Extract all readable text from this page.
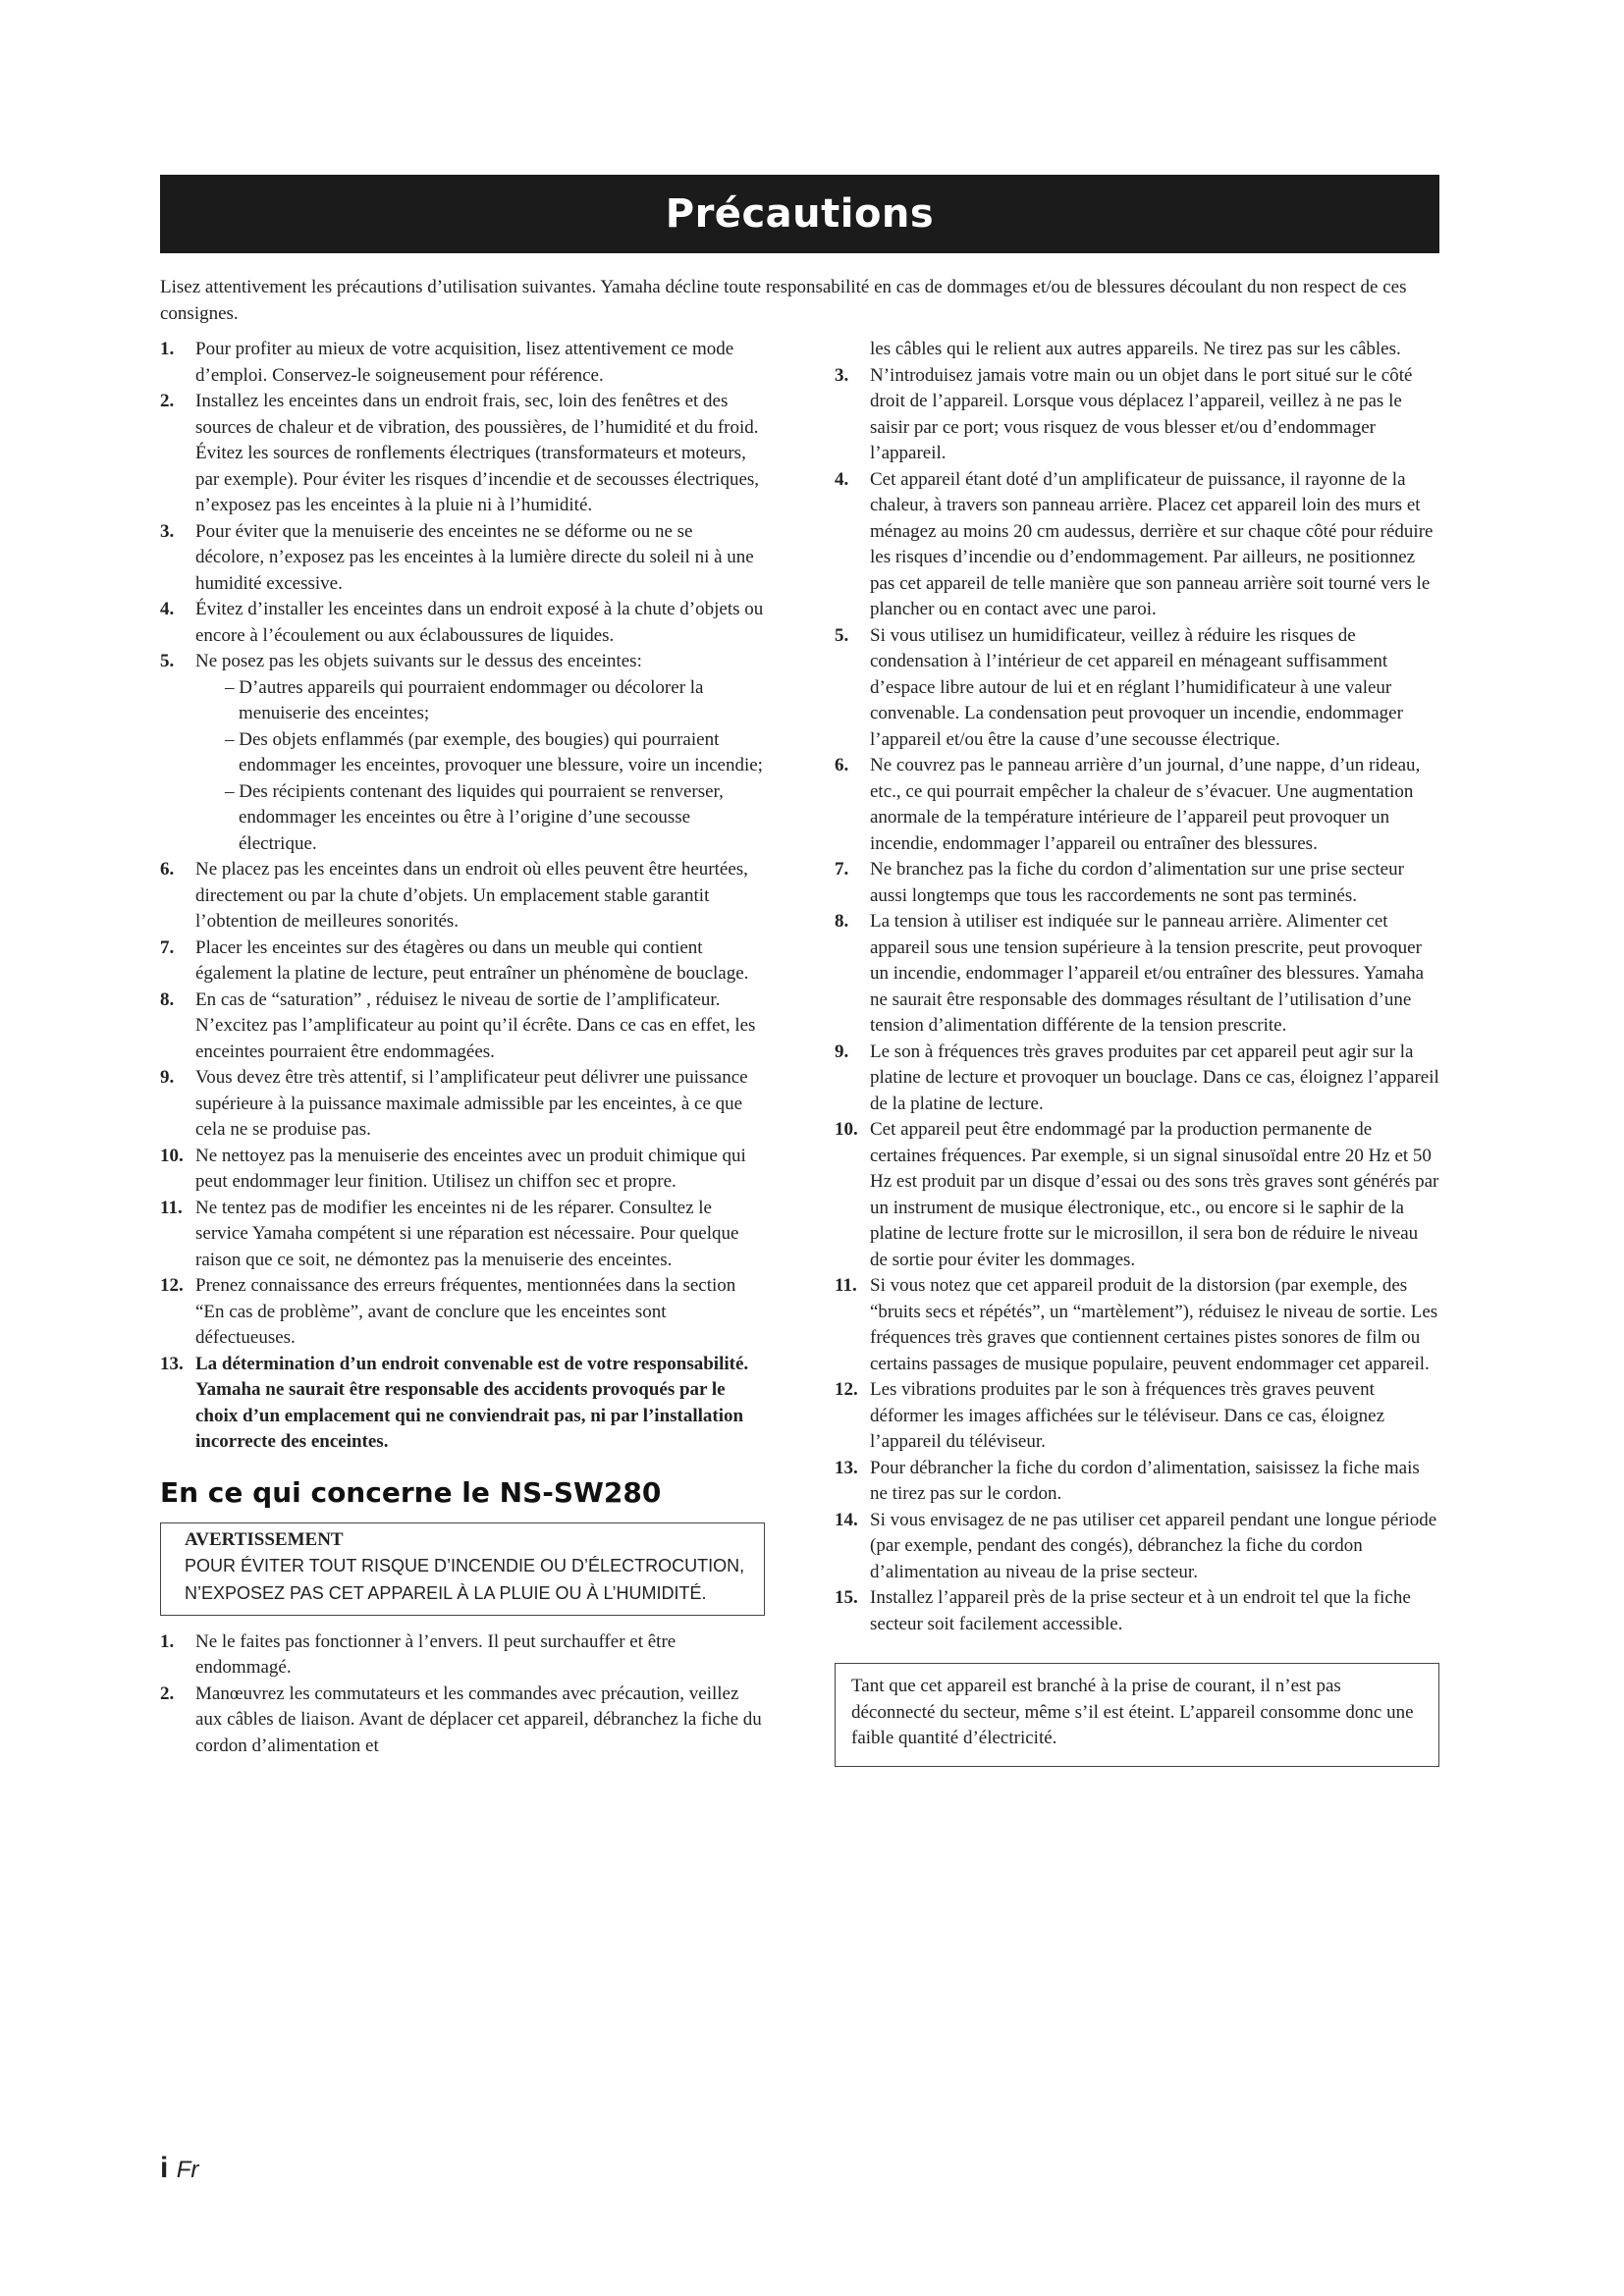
Précautions

Lisez attentivement les précautions d’utilisation suivantes. Yamaha décline toute responsabilité en cas de dommages et/ou de blessures découlant du non respect de ces consignes.

1. Pour profiter au mieux de votre acquisition, lisez attentivement ce mode d’emploi. Conservez-le soigneusement pour référence.
2. Installez les enceintes dans un endroit frais, sec, loin des fenêtres et des sources de chaleur et de vibration, des poussières, de l’humidité et du froid. Évitez les sources de ronflements électriques (transformateurs et moteurs, par exemple). Pour éviter les risques d’incendie et de secousses électriques, n’exposez pas les enceintes à la pluie ni à l’humidité.
3. Pour éviter que la menuiserie des enceintes ne se déforme ou ne se décolore, n’exposez pas les enceintes à la lumière directe du soleil ni à une humidité excessive.
4. Évitez d’installer les enceintes dans un endroit exposé à la chute d’objets ou encore à l’écoulement ou aux éclaboussures de liquides.
5. Ne posez pas les objets suivants sur le dessus des enceintes:
– D’autres appareils qui pourraient endommager ou décolorer la menuiserie des enceintes;
– Des objets enflammés (par exemple, des bougies) qui pourraient endommager les enceintes, provoquer une blessure, voire un incendie;
– Des récipients contenant des liquides qui pourraient se renverser, endommager les enceintes ou être à l’origine d’une secousse électrique.
6. Ne placez pas les enceintes dans un endroit où elles peuvent être heurtées, directement ou par la chute d’objets. Un emplacement stable garantit l’obtention de meilleures sonorités.
7. Placer les enceintes sur des étagères ou dans un meuble qui contient également la platine de lecture, peut entraîner un phénomène de bouclage.
8. En cas de “saturation” , réduisez le niveau de sortie de l’amplificateur. N’excitez pas l’amplificateur au point qu’il écrête. Dans ce cas en effet, les enceintes pourraient être endommagées.
9. Vous devez être très attentif, si l’amplificateur peut délivrer une puissance supérieure à la puissance maximale admissible par les enceintes, à ce que cela ne se produise pas.
10. Ne nettoyez pas la menuiserie des enceintes avec un produit chimique qui peut endommager leur finition. Utilisez un chiffon sec et propre.
11. Ne tentez pas de modifier les enceintes ni de les réparer. Consultez le service Yamaha compétent si une réparation est nécessaire. Pour quelque raison que ce soit, ne démontez pas la menuiserie des enceintes.
12. Prenez connaissance des erreurs fréquentes, mentionnées dans la section “En cas de problème”, avant de conclure que les enceintes sont défectueuses.
13. La détermination d’un endroit convenable est de votre responsabilité. Yamaha ne saurait être responsable des accidents provoqués par le choix d’un emplacement qui ne conviendrait pas, ni par l’installation incorrecte des enceintes.
En ce qui concerne le NS-SW280
AVERTISSEMENT
POUR ÉVITER TOUT RISQUE D’INCENDIE OU D’ÉLECTROCUTION, N’EXPOSEZ PAS CET APPAREIL À LA PLUIE OU À L’HUMIDITÉ.
1. Ne le faites pas fonctionner à l’envers. Il peut surchauffer et être endommagé.
2. Manœuvrez les commutateurs et les commandes avec précaution, veillez aux câbles de liaison. Avant de déplacer cet appareil, débranchez la fiche du cordon d’alimentation et
les câbles qui le relient aux autres appareils. Ne tirez pas sur les câbles.
3. N’introduisez jamais votre main ou un objet dans le port situé sur le côté droit de l’appareil. Lorsque vous déplacez l’appareil, veillez à ne pas le saisir par ce port; vous risquez de vous blesser et/ou d’endommager l’appareil.
4. Cet appareil étant doté d’un amplificateur de puissance, il rayonne de la chaleur, à travers son panneau arrière. Placez cet appareil loin des murs et ménagez au moins 20 cm audessus, derrière et sur chaque côté pour réduire les risques d’incendie ou d’endommagement. Par ailleurs, ne positionnez pas cet appareil de telle manière que son panneau arrière soit tourné vers le plancher ou en contact avec une paroi.
5. Si vous utilisez un humidificateur, veillez à réduire les risques de condensation à l’intérieur de cet appareil en ménageant suffisamment d’espace libre autour de lui et en réglant l’humidificateur à une valeur convenable. La condensation peut provoquer un incendie, endommager l’appareil et/ou être la cause d’une secousse électrique.
6. Ne couvrez pas le panneau arrière d’un journal, d’une nappe, d’un rideau, etc., ce qui pourrait empêcher la chaleur de s’évacuer. Une augmentation anormale de la température intérieure de l’appareil peut provoquer un incendie, endommager l’appareil ou entraîner des blessures.
7. Ne branchez pas la fiche du cordon d’alimentation sur une prise secteur aussi longtemps que tous les raccordements ne sont pas terminés.
8. La tension à utiliser est indiquée sur le panneau arrière. Alimenter cet appareil sous une tension supérieure à la tension prescrite, peut provoquer un incendie, endommager l’appareil et/ou entraîner des blessures. Yamaha ne saurait être responsable des dommages résultant de l’utilisation d’une tension d’alimentation différente de la tension prescrite.
9. Le son à fréquences très graves produites par cet appareil peut agir sur la platine de lecture et provoquer un bouclage. Dans ce cas, éloignez l’appareil de la platine de lecture.
10. Cet appareil peut être endommagé par la production permanente de certaines fréquences. Par exemple, si un signal sinusoïdal entre 20 Hz et 50 Hz est produit par un disque d’essai ou des sons très graves sont générés par un instrument de musique électronique, etc., ou encore si le saphir de la platine de lecture frotte sur le microsillon, il sera bon de réduire le niveau de sortie pour éviter les dommages.
11. Si vous notez que cet appareil produit de la distorsion (par exemple, des “bruits secs et répétés”, un “martèlement”), réduisez le niveau de sortie. Les fréquences très graves que contiennent certaines pistes sonores de film ou certains passages de musique populaire, peuvent endommager cet appareil.
12. Les vibrations produites par le son à fréquences très graves peuvent déformer les images affichées sur le téléviseur. Dans ce cas, éloignez l’appareil du téléviseur.
13. Pour débrancher la fiche du cordon d’alimentation, saisissez la fiche mais ne tirez pas sur le cordon.
14. Si vous envisagez de ne pas utiliser cet appareil pendant une longue période (par exemple, pendant des congés), débranchez la fiche du cordon d’alimentation au niveau de la prise secteur.
15. Installez l’appareil près de la prise secteur et à un endroit tel que la fiche secteur soit facilement accessible.
Tant que cet appareil est branché à la prise de courant, il n’est pas déconnecté du secteur, même s’il est éteint. L’appareil consomme donc une faible quantité d’électricité.
i Fr
